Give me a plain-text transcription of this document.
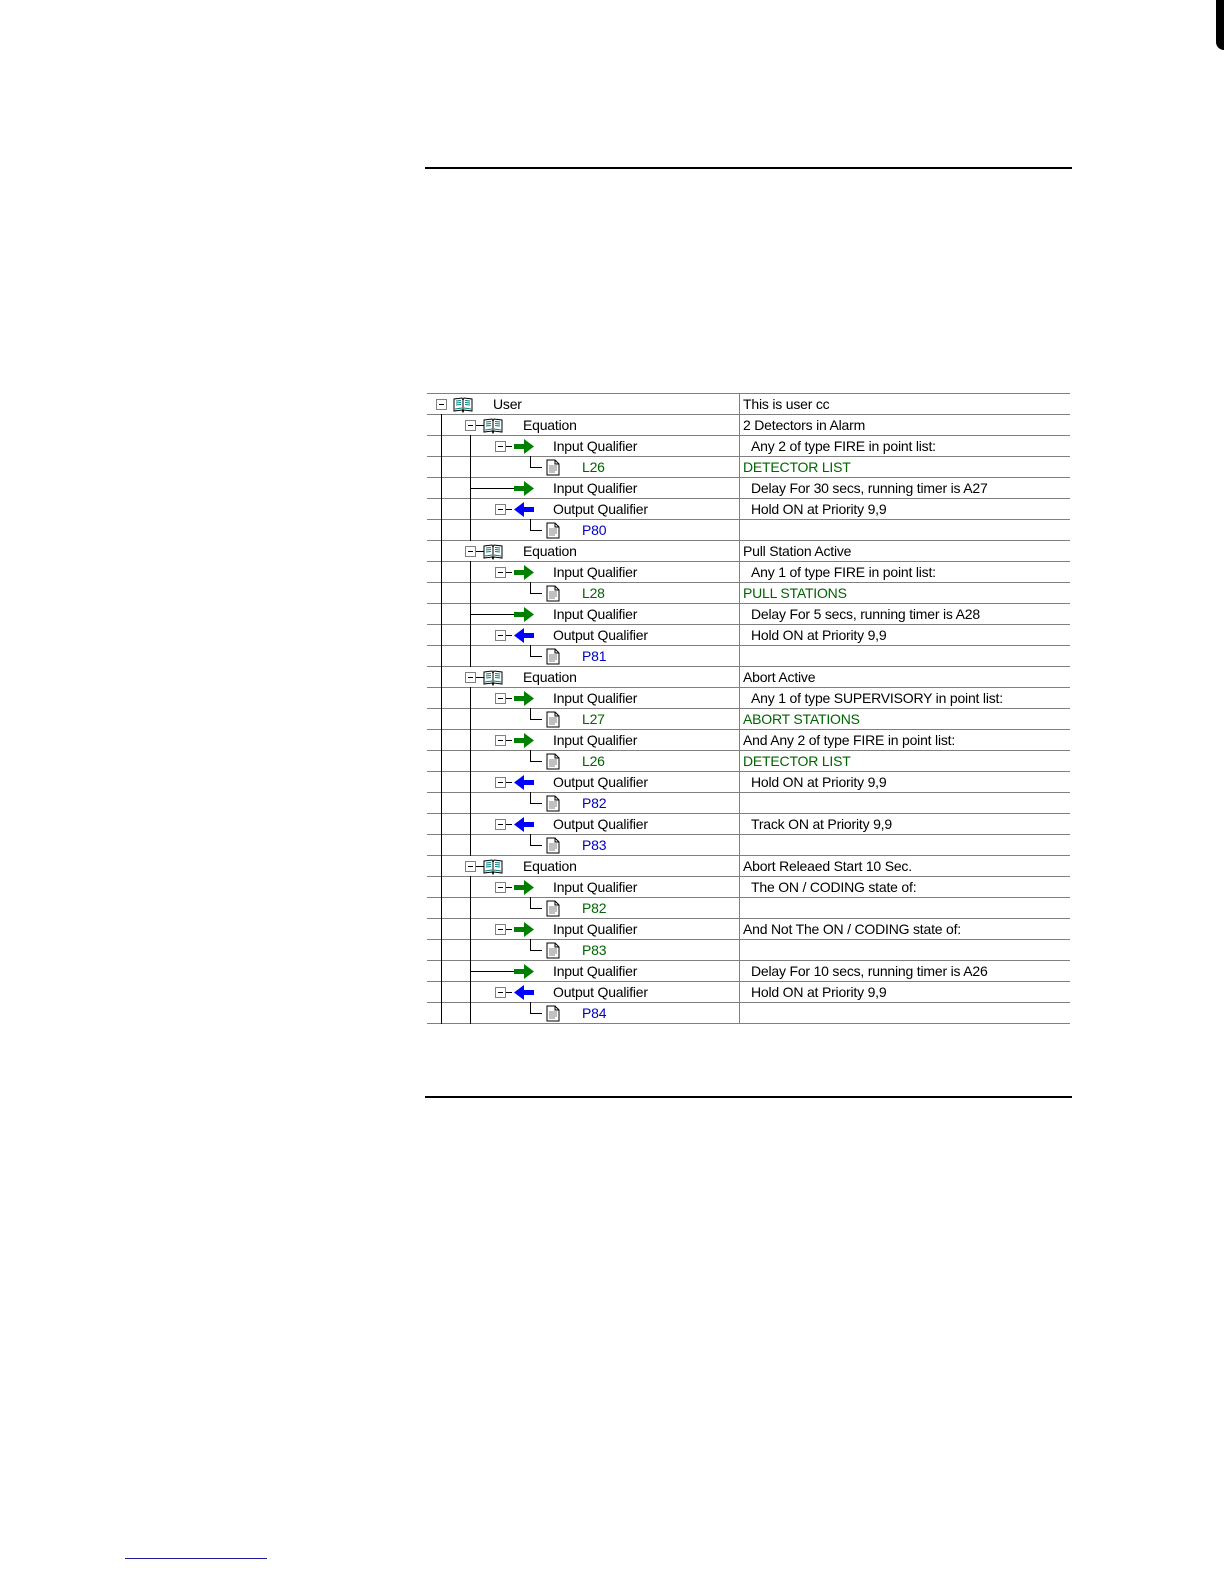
User	This is user cc
Equation	2 Detectors in Alarm
Input Qualifier	Any 2 of type FIRE in point list:
L26	DETECTOR LIST
Input Qualifier	Delay For 30 secs, running timer is A27
Output Qualifier	Hold ON at Priority 9,9
P80
Equation	Pull Station Active
Input Qualifier	Any 1 of type FIRE in point list:
L28	PULL STATIONS
Input Qualifier	Delay For 5 secs, running timer is A28
Output Qualifier	Hold ON at Priority 9,9
P81
Equation	Abort Active
Input Qualifier	Any 1 of type SUPERVISORY in point list:
L27	ABORT STATIONS
Input Qualifier	And Any 2 of type FIRE in point list:
L26	DETECTOR LIST
Output Qualifier	Hold ON at Priority 9,9
P82
Output Qualifier	Track ON at Priority 9,9
P83
Equation	Abort Releaed Start 10 Sec.
Input Qualifier	The ON / CODING state of:
P82
Input Qualifier	And Not The ON / CODING state of:
P83
Input Qualifier	Delay For 10 secs, running timer is A26
Output Qualifier	Hold ON at Priority 9,9
P84
